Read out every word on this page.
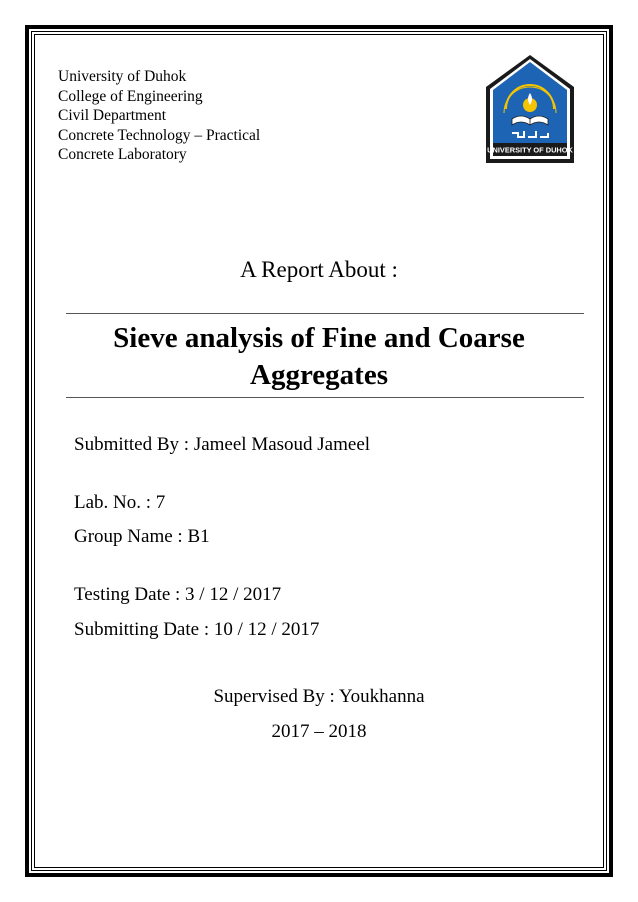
University of Duhok
College of Engineering
Civil Department
Concrete Technology – Practical
Concrete Laboratory	UNIVERSITY OF DUHOK
A Report About :
Sieve analysis of Fine and Coarse
Aggregates
Submitted By : Jameel Masoud Jameel
Lab. No. : 7
Group Name : B1
Testing Date : 3 / 12 / 2017
Submitting Date : 10 / 12 / 2017
Supervised By : Youkhanna
2017 – 2018
